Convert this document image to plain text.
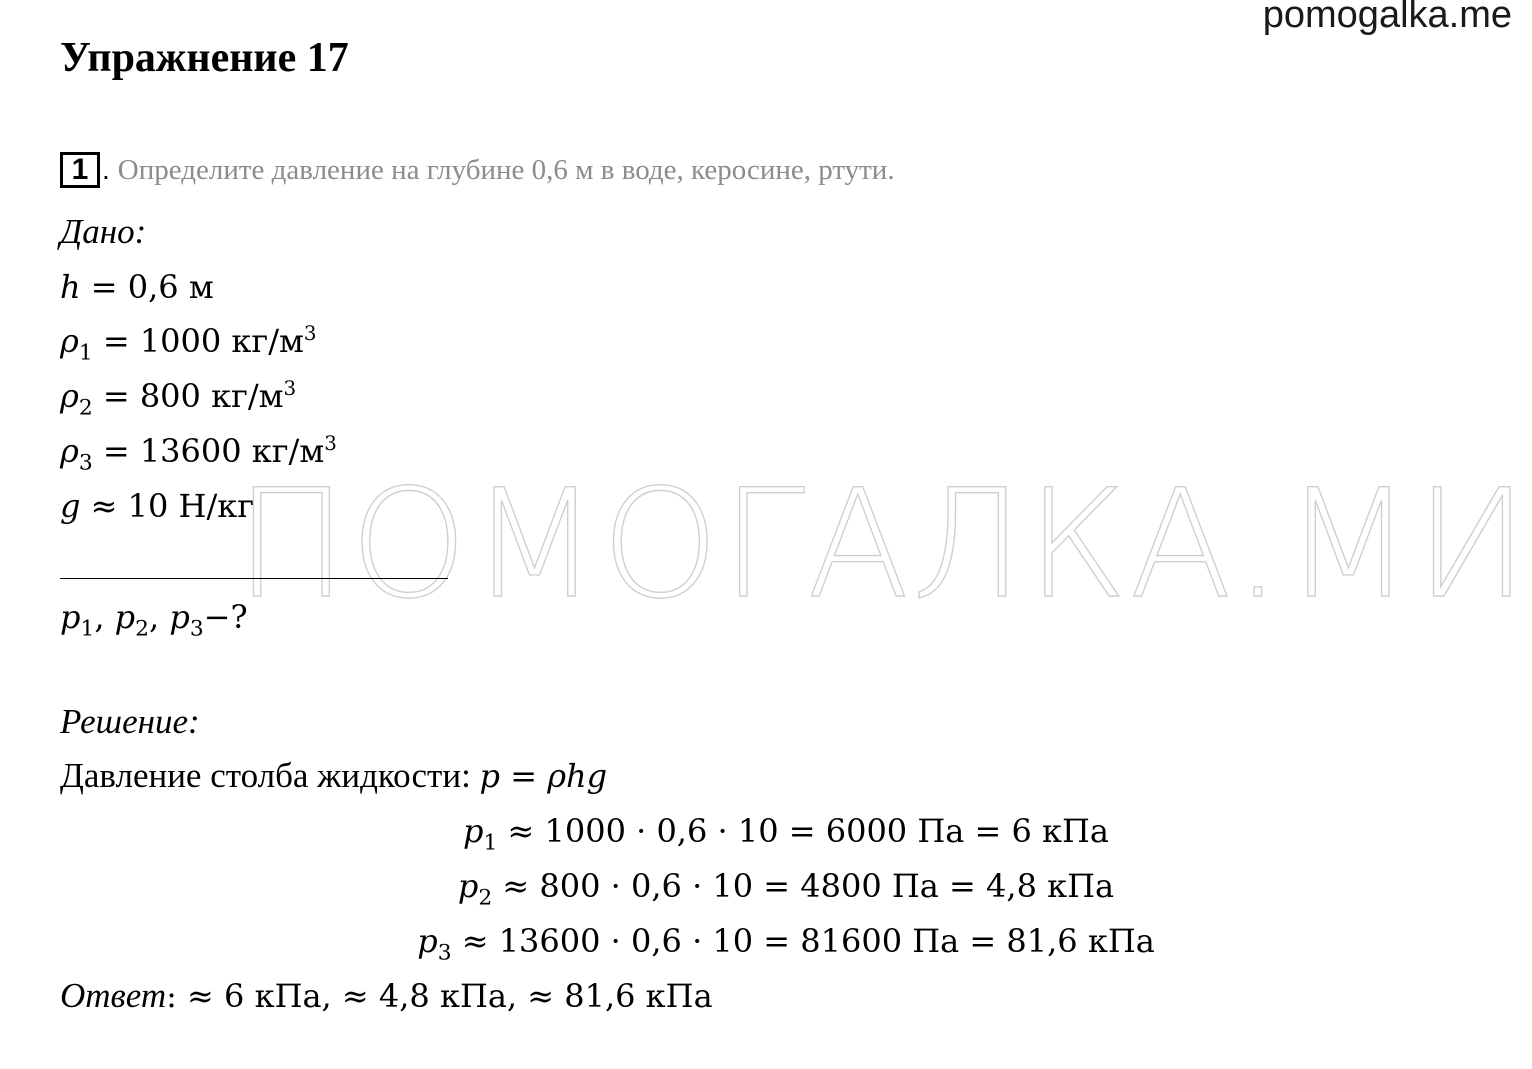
ПОМОГАЛКА.МИ
pomogalka.me
Упражнение 17
1 . Определите давление на глубине 0,6 м в воде, керосине, ртути.
Дано:
h = 0,6 м
$\rho_1 = 1000$ $кг/м^3$
$\rho_2 = 800$ $кг/м^3$
$\rho_3 = 13600$ $кг/м^3$
g ≈ 10 Н/кг
$p_1$, $p_2$, $p_3-$?
Решение:
Давление столба жидкости: p = ρhg
$p_1 \approx 1000 \cdot 0,6 \cdot 10 = 6000$ Па = 6 кПа
$p_2 \approx 800 \cdot 0,6 \cdot 10 = 4800$ Па = 4,8 кПа
$p_3 \approx 13600 \cdot 0,6 \cdot 10 = 81600$ Па = 81,6 кПа
Ответ: ≈ 6 кПа, ≈ 4,8 кПа, ≈ 81,6 кПа
